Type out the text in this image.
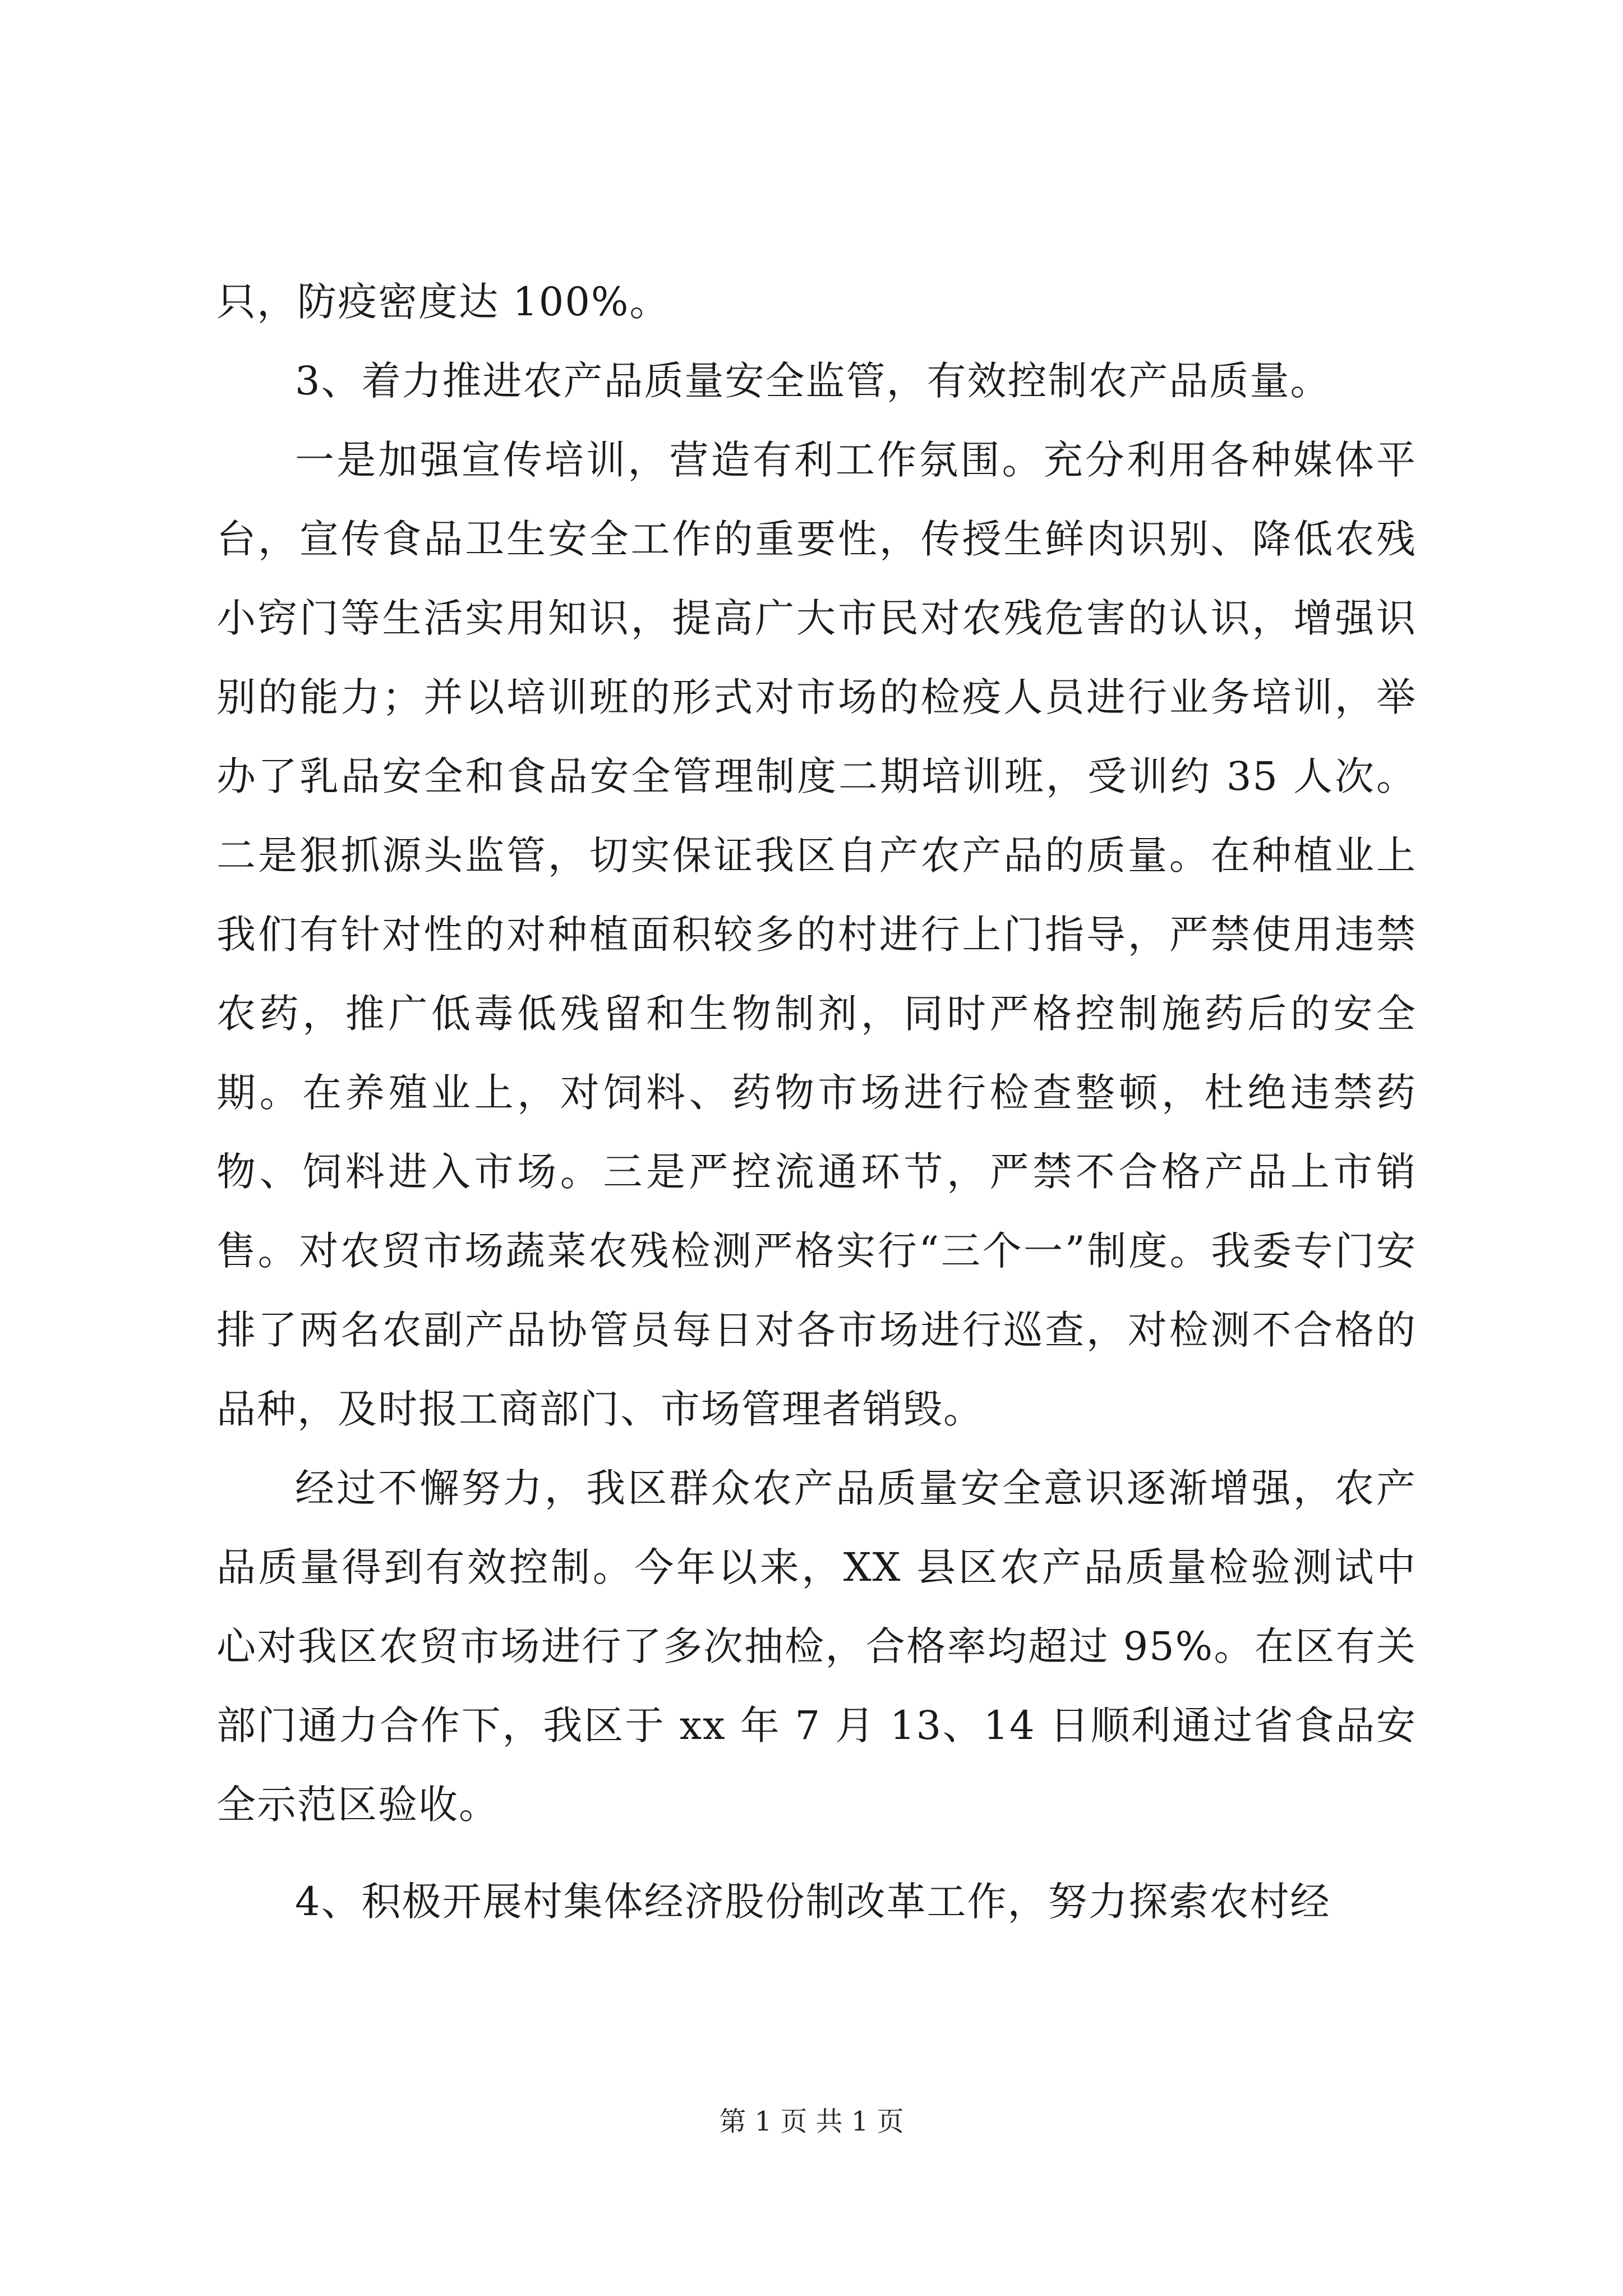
只，防疫密度达 100%。

3、着力推进农产品质量安全监管，有效控制农产品质量。

一是加强宣传培训，营造有利工作氛围。充分利用各种媒体平台，宣传食品卫生安全工作的重要性，传授生鲜肉识别、降低农残小窍门等生活实用知识，提高广大市民对农残危害的认识，增强识别的能力；并以培训班的形式对市场的检疫人员进行业务培训，举办了乳品安全和食品安全管理制度二期培训班，受训约 35 人次。二是狠抓源头监管，切实保证我区自产农产品的质量。在种植业上我们有针对性的对种植面积较多的村进行上门指导，严禁使用违禁农药，推广低毒低残留和生物制剂，同时严格控制施药后的安全期。在养殖业上，对饲料、药物市场进行检查整顿，杜绝违禁药物、饲料进入市场。三是严控流通环节，严禁不合格产品上市销售。对农贸市场蔬菜农残检测严格实行“三个一”制度。我委专门安排了两名农副产品协管员每日对各市场进行巡查，对检测不合格的品种，及时报工商部门、市场管理者销毁。

经过不懈努力，我区群众农产品质量安全意识逐渐增强，农产品质量得到有效控制。今年以来，XX 县区农产品质量检验测试中心对我区农贸市场进行了多次抽检，合格率均超过 95%。在区有关部门通力合作下，我区于 xx 年 7 月 13、14 日顺利通过省食品安全示范区验收。

4、积极开展村集体经济股份制改革工作，努力探索农村经

第 1 页 共 1 页
